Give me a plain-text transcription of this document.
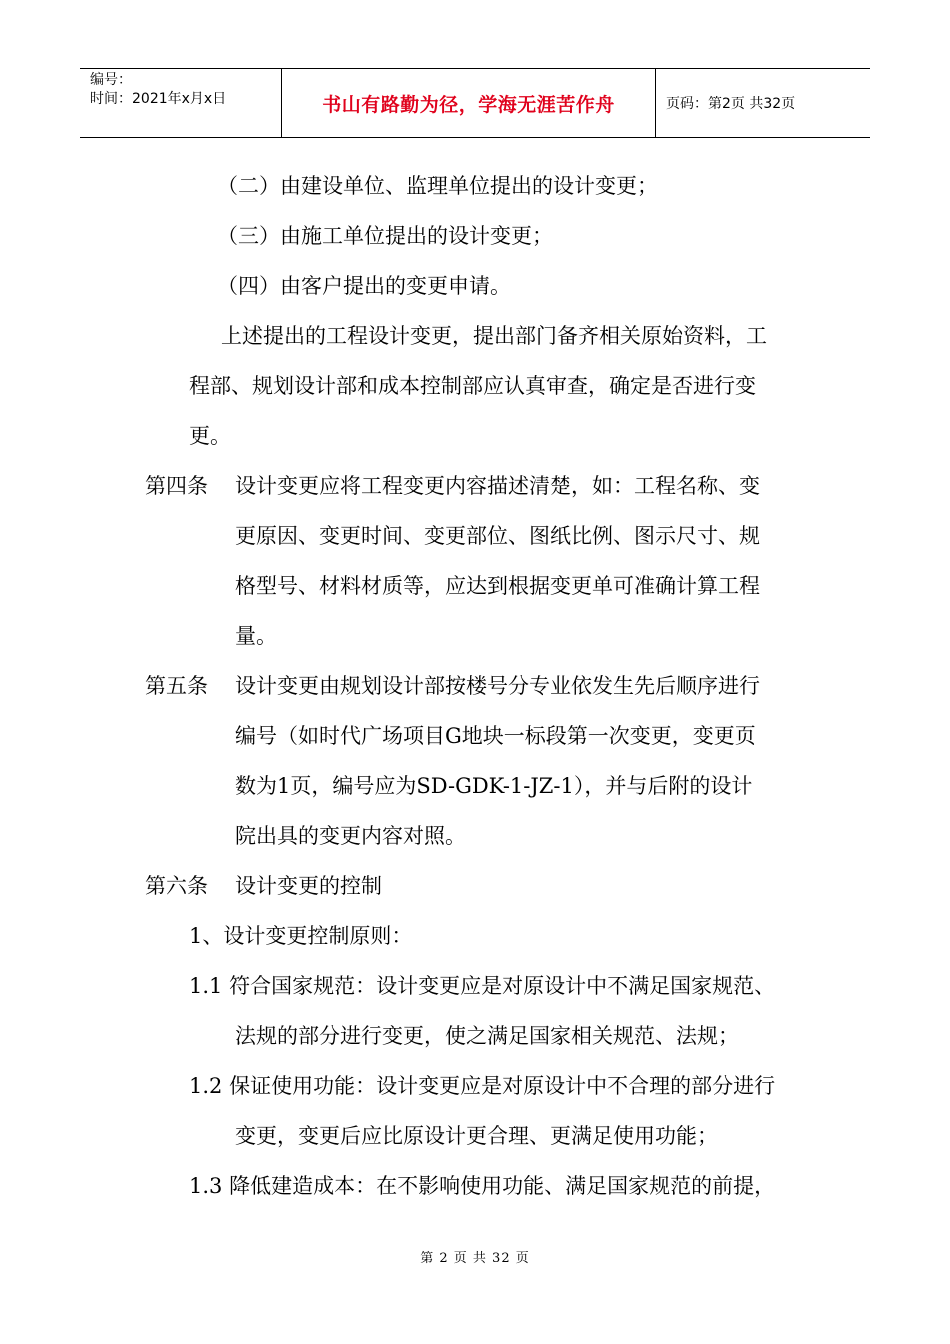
编号：
时间：2021年x月x日	书山有路勤为径，学海无涯苦作舟	页码：第2页 共32页
（二）由建设单位、监理单位提出的设计变更；
（三）由施工单位提出的设计变更；
（四）由客户提出的变更申请。
上述提出的工程设计变更，提出部门备齐相关原始资料，工
程部、规划设计部和成本控制部应认真审查，确定是否进行变
更。
第四条 设计变更应将工程变更内容描述清楚，如：工程名称、变
更原因、变更时间、变更部位、图纸比例、图示尺寸、规
格型号、材料材质等，应达到根据变更单可准确计算工程
量。
第五条 设计变更由规划设计部按楼号分专业依发生先后顺序进行
编号（如时代广场项目G地块一标段第一次变更，变更页
数为1页，编号应为SD-GDK-1-JZ-1），并与后附的设计
院出具的变更内容对照。
第六条 设计变更的控制
1、设计变更控制原则：
1.1 符合国家规范：设计变更应是对原设计中不满足国家规范、
法规的部分进行变更，使之满足国家相关规范、法规；
1.2 保证使用功能：设计变更应是对原设计中不合理的部分进行
变更，变更后应比原设计更合理、更满足使用功能；
1.3 降低建造成本：在不影响使用功能、满足国家规范的前提，
第 2 页 共 32 页
